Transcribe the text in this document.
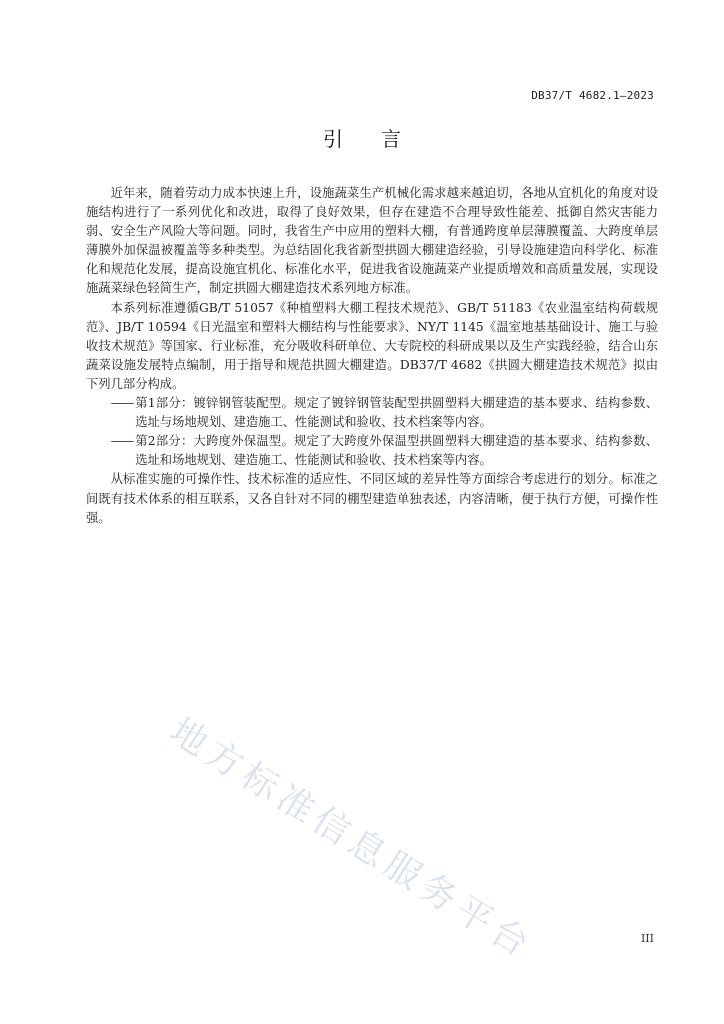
DB37/T 4682.1—2023
引言

近年来，随着劳动力成本快速上升，设施蔬菜生产机械化需求越来越迫切，各地从宜机化的角度对设施结构进行了一系列优化和改进，取得了良好效果，但存在建造不合理导致性能差、抵御自然灾害能力弱、安全生产风险大等问题。同时，我省生产中应用的塑料大棚，有普通跨度单层薄膜覆盖、大跨度单层薄膜外加保温被覆盖等多种类型。为总结固化我省新型拱圆大棚建造经验，引导设施建造向科学化、标准化和规范化发展，提高设施宜机化、标准化水平，促进我省设施蔬菜产业提质增效和高质量发展，实现设施蔬菜绿色轻简生产，制定拱圆大棚建造技术系列地方标准。

本系列标准遵循GB/T 51057《种植塑料大棚工程技术规范》、GB/T 51183《农业温室结构荷载规范》、JB/T 10594《日光温室和塑料大棚结构与性能要求》、NY/T 1145《温室地基基础设计、施工与验收技术规范》等国家、行业标准，充分吸收科研单位、大专院校的科研成果以及生产实践经验，结合山东蔬菜设施发展特点编制，用于指导和规范拱圆大棚建造。DB37/T 4682《拱圆大棚建造技术规范》拟由下列几部分构成。

—— 第1部分：镀锌钢管装配型。规定了镀锌钢管装配型拱圆塑料大棚建造的基本要求、结构参数、选址与场地规划、建造施工、性能测试和验收、技术档案等内容。

—— 第2部分：大跨度外保温型。规定了大跨度外保温型拱圆塑料大棚建造的基本要求、结构参数、选址和场地规划、建造施工、性能测试和验收、技术档案等内容。

从标准实施的可操作性、技术标准的适应性、不同区域的差异性等方面综合考虑进行的划分。标准之间既有技术体系的相互联系，又各自针对不同的棚型建造单独表述，内容清晰，便于执行方便，可操作性强。

地方标准信息服务平台	III
